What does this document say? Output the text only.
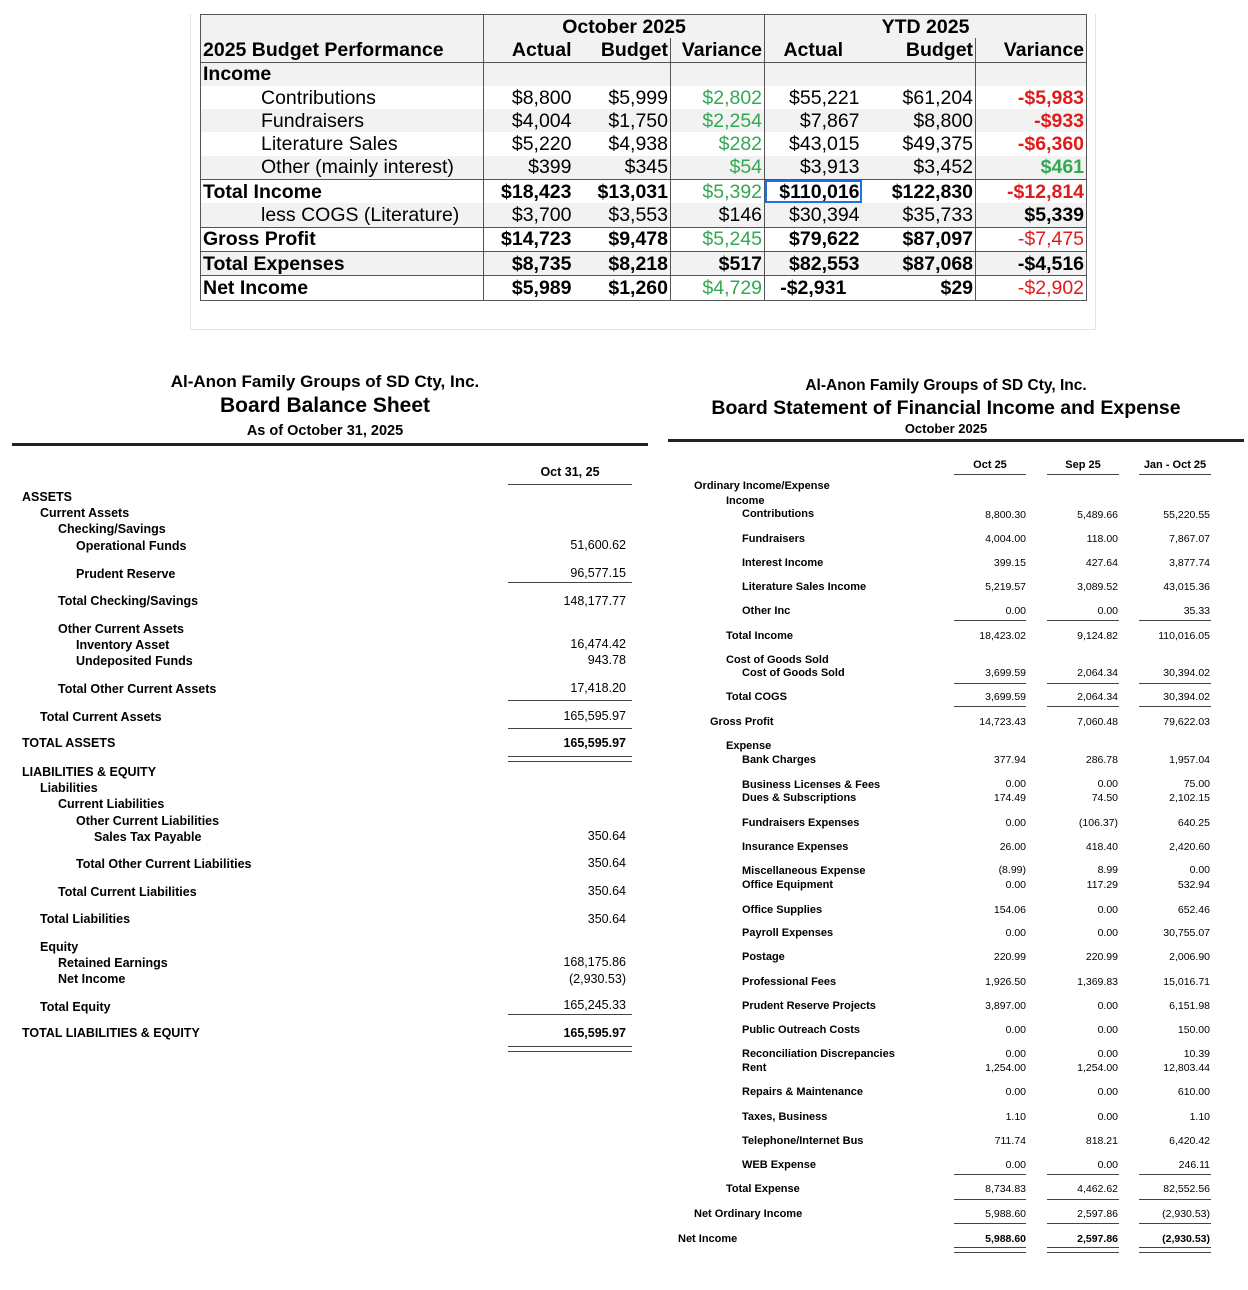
	October 2025			YTD 2025		
2025 Budget Performance	Actual	Budget	Variance	Actual	Budget	Variance
Income						
Contributions	$8,800	$5,999	$2,802	$55,221	$61,204	-$5,983
Fundraisers	$4,004	$1,750	$2,254	$7,867	$8,800	-$933
Literature Sales	$5,220	$4,938	$282	$43,015	$49,375	-$6,360
Other (mainly interest)	$399	$345	$54	$3,913	$3,452	$461
Total Income	$18,423	$13,031	$5,392	$110,016	$122,830	-$12,814
less COGS (Literature)	$3,700	$3,553	$146	$30,394	$35,733	$5,339
Gross Profit	$14,723	$9,478	$5,245	$79,622	$87,097	-$7,475
Total Expenses	$8,735	$8,218	$517	$82,553	$87,068	-$4,516
Net Income	$5,989	$1,260	$4,729	-$2,931	$29	-$2,902
Al-Anon Family Groups of SD Cty, Inc.
Board Balance Sheet
As of October 31, 2025
Oct 31, 25
ASSETS
Current Assets
Checking/Savings
Operational Funds	51,600.62
Prudent Reserve	96,577.15
Total Checking/Savings	148,177.77
Other Current Assets
Inventory Asset	16,474.42
Undeposited Funds	943.78
Total Other Current Assets	17,418.20
Total Current Assets	165,595.97
TOTAL ASSETS	165,595.97
LIABILITIES & EQUITY
Liabilities
Current Liabilities
Other Current Liabilities
Sales Tax Payable	350.64
Total Other Current Liabilities	350.64
Total Current Liabilities	350.64
Total Liabilities	350.64
Equity
Retained Earnings	168,175.86
Net Income	(2,930.53)
Total Equity	165,245.33
TOTAL LIABILITIES & EQUITY	165,595.97
Al-Anon Family Groups of SD Cty, Inc.
Board Statement of Financial Income and Expense
October 2025
Ordinary Income/Expense
Income
Contributions	8,800.30	5,489.66	55,220.55
Fundraisers	4,004.00	118.00	7,867.07
Interest Income	399.15	427.64	3,877.74
Literature Sales Income	5,219.57	3,089.52	43,015.36
Other Inc	0.00	0.00	35.33
Total Income	18,423.02	9,124.82	110,016.05
Cost of Goods Sold
Cost of Goods Sold	3,699.59	2,064.34	30,394.02
Total COGS	3,699.59	2,064.34	30,394.02
Gross Profit	14,723.43	7,060.48	79,622.03
Expense
Bank Charges	377.94	286.78	1,957.04
Business Licenses & Fees	0.00	0.00	75.00
Dues & Subscriptions	174.49	74.50	2,102.15
Fundraisers Expenses	0.00	(106.37)	640.25
Insurance Expenses	26.00	418.40	2,420.60
Miscellaneous Expense	(8.99)	8.99	0.00
Office Equipment	0.00	117.29	532.94
Office Supplies	154.06	0.00	652.46
Payroll Expenses	0.00	0.00	30,755.07
Postage	220.99	220.99	2,006.90
Professional Fees	1,926.50	1,369.83	15,016.71
Prudent Reserve Projects	3,897.00	0.00	6,151.98
Public Outreach Costs	0.00	0.00	150.00
Reconciliation Discrepancies	0.00	0.00	10.39
Rent	1,254.00	1,254.00	12,803.44
Repairs & Maintenance	0.00	0.00	610.00
Taxes, Business	1.10	0.00	1.10
Telephone/Internet Bus	711.74	818.21	6,420.42
WEB Expense	0.00	0.00	246.11
Total Expense	8,734.83	4,462.62	82,552.56
Net Ordinary Income	5,988.60	2,597.86	(2,930.53)
Net Income	5,988.60	2,597.86	(2,930.53)
Oct 25	Sep 25	Jan - Oct 25
